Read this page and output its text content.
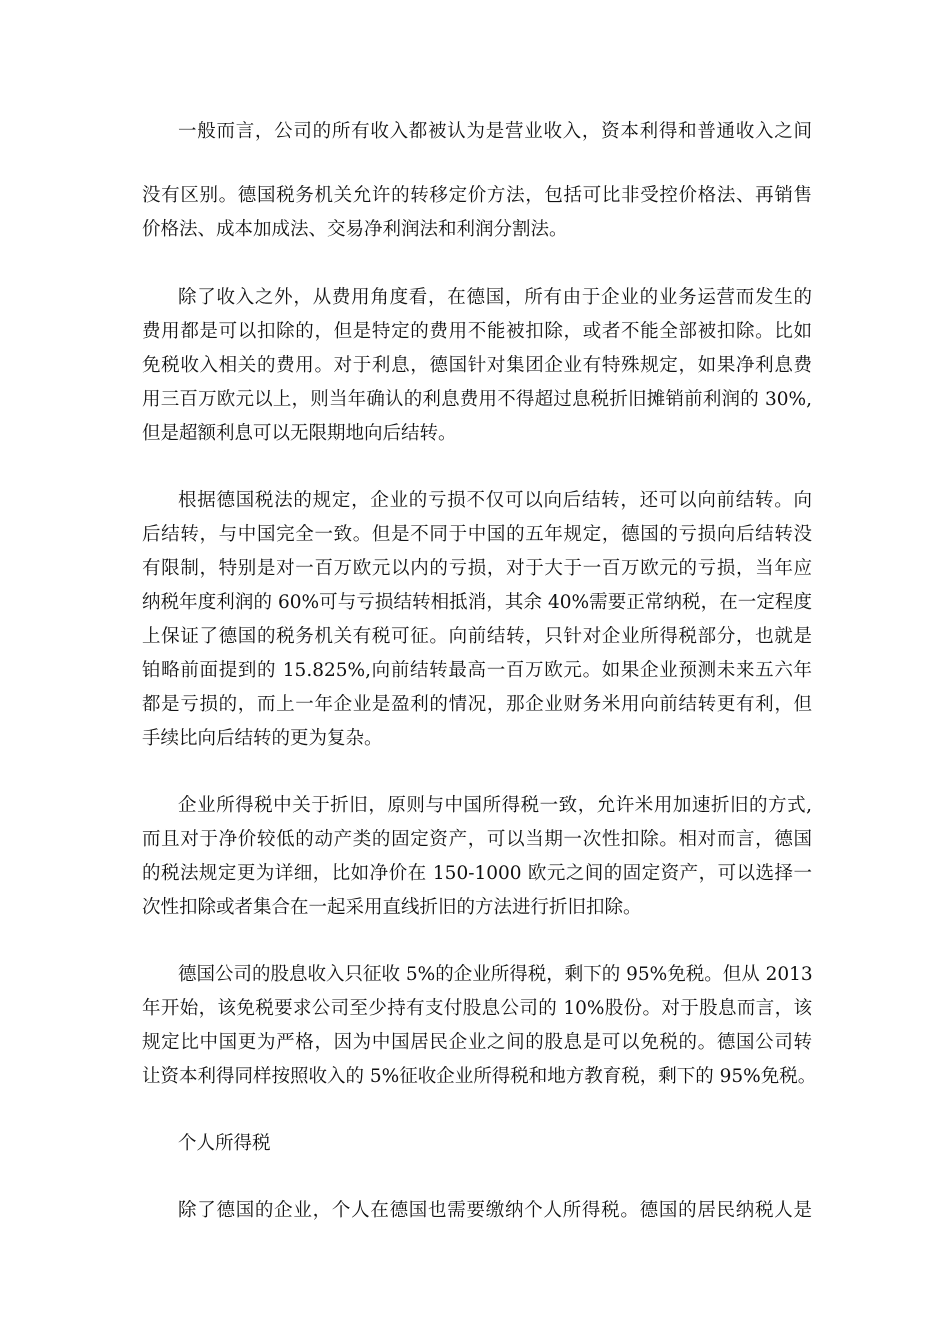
一般而言，公司的所有收入都被认为是营业收入，资本利得和普通收入之间
没有区别。德国税务机关允许的转移定价方法，包括可比非受控价格法、再销售
价格法、成本加成法、交易净利润法和利润分割法。
除了收入之外，从费用角度看，在德国，所有由于企业的业务运营而发生的
费用都是可以扣除的，但是特定的费用不能被扣除，或者不能全部被扣除。比如
免税收入相关的费用。对于利息，德国针对集团企业有特殊规定，如果净利息费
用三百万欧元以上，则当年确认的利息费用不得超过息税折旧摊销前利润的 30%,
但是超额利息可以无限期地向后结转。
根据德国税法的规定，企业的亏损不仅可以向后结转，还可以向前结转。向
后结转，与中国完全一致。但是不同于中国的五年规定，德国的亏损向后结转没
有限制，特别是对一百万欧元以内的亏损，对于大于一百万欧元的亏损，当年应
纳税年度利润的 60%可与亏损结转相抵消，其余 40%需要正常纳税，在一定程度
上保证了德国的税务机关有税可征。向前结转，只针对企业所得税部分，也就是
铂略前面提到的 15.825%,向前结转最高一百万欧元。如果企业预测未来五六年
都是亏损的，而上一年企业是盈利的情况，那企业财务米用向前结转更有利，但
手续比向后结转的更为复杂。
企业所得税中关于折旧，原则与中国所得税一致，允许米用加速折旧的方式,
而且对于净价较低的动产类的固定资产，可以当期一次性扣除。相对而言，德国
的税法规定更为详细，比如净价在 150-1000 欧元之间的固定资产，可以选择一
次性扣除或者集合在一起采用直线折旧的方法进行折旧扣除。
德国公司的股息收入只征收 5%的企业所得税，剩下的 95%免税。但从 2013
年开始，该免税要求公司至少持有支付股息公司的 10%股份。对于股息而言，该
规定比中国更为严格，因为中国居民企业之间的股息是可以免税的。德国公司转
让资本利得同样按照收入的 5%征收企业所得税和地方教育税，剩下的 95%免税。
个人所得税
除了德国的企业，个人在德国也需要缴纳个人所得税。德国的居民纳税人是
